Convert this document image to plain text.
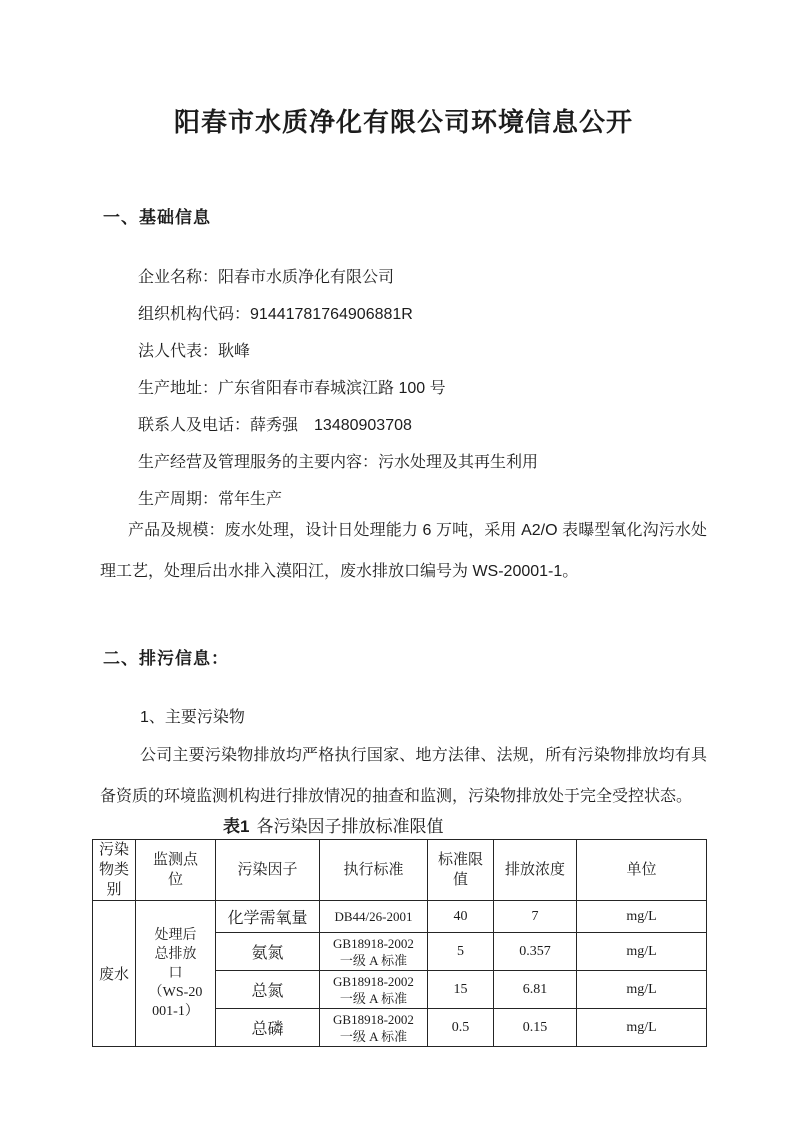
阳春市水质净化有限公司环境信息公开
一、基础信息

企业名称：阳春市水质净化有限公司

组织机构代码：91441781764906881R

法人代表：耿峰

生产地址：广东省阳春市春城滨江路 100 号

联系人及电话：薛秀强　13480903708

生产经营及管理服务的主要内容：污水处理及其再生利用

生产周期：常年生产

产品及规模：废水处理，设计日处理能力 6 万吨，采用 A2/O 表曝型氧化沟污水处理工艺，处理后出水排入漠阳江，废水排放口编号为 WS-20001-1。

二、排污信息：

1、主要污染物

公司主要污染物排放均严格执行国家、地方法律、法规，所有污染物排放均有具备资质的环境监测机构进行排放情况的抽查和监测，污染物排放处于完全受控状态。

表1 各污染因子排放标准限值
污染物类别	监测点位	污染因子	执行标准	标准限值	排放浓度	单位
废水	处理后
总排放
口
（WS-20
001-1）	化学需氧量	DB44/26-2001	40	7	mg/L
		氨氮	GB18918-2002
一级 A 标准	5	0.357	mg/L
		总氮	GB18918-2002
一级 A 标准	15	6.81	mg/L
		总磷	GB18918-2002
一级 A 标准	0.5	0.15	mg/L
